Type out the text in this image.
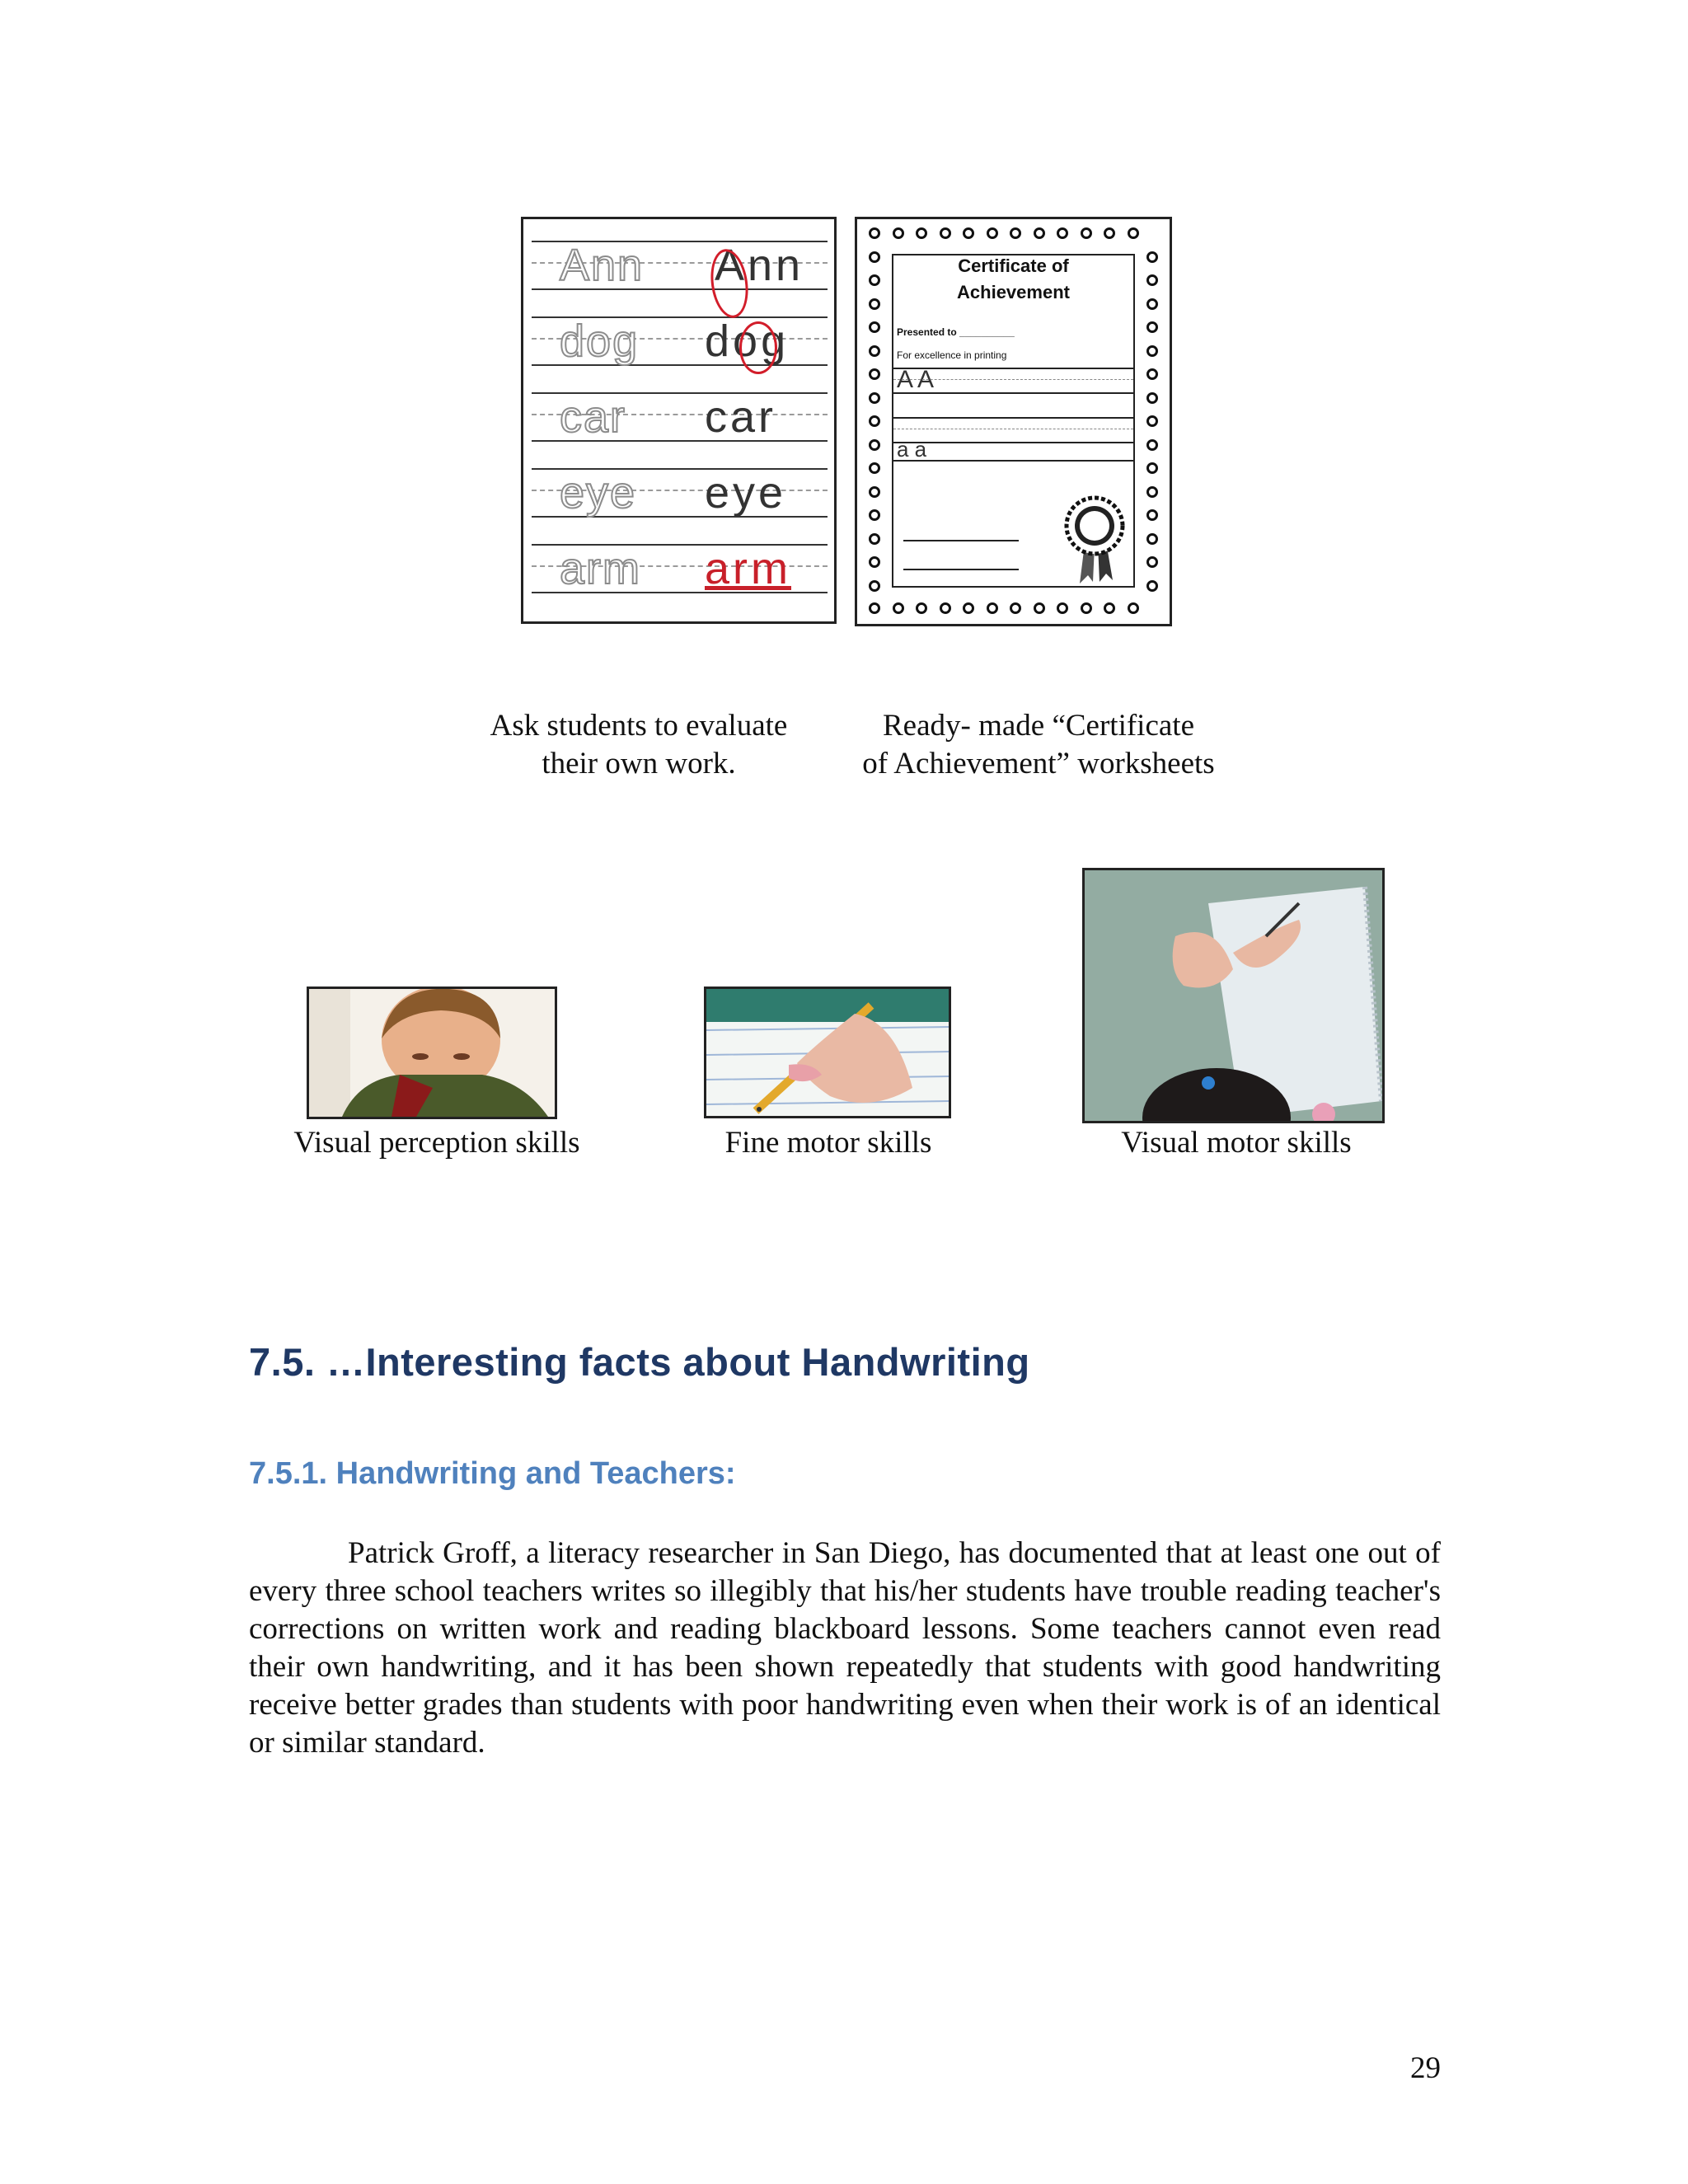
Ann Ann
dog dog
car car
eye eye
arm arm
Certificate of
Achievement
Presented to __________
For excellence in printing
A A
a a
Ask students to evaluate
their own work.
Ready- made “Certificate
of Achievement” worksheets
Visual perception skills	Fine motor skills	Visual motor skills
7.5. …Interesting facts about Handwriting
7.5.1. Handwriting and Teachers:
Patrick Groff, a literacy researcher in San Diego, has documented that at least one out of every three school teachers writes so illegibly that his/her students have trouble reading teacher's corrections on written work and reading blackboard lessons. Some teachers cannot even read their own handwriting, and it has been shown repeatedly that students with good handwriting receive better grades than students with poor handwriting even when their work is of an identical or similar standard.
29
